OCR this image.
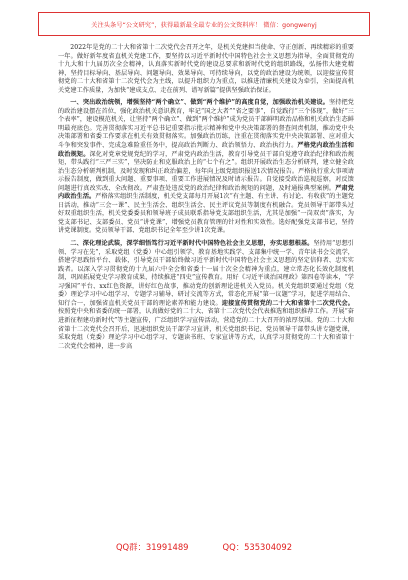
关注头条号“公文研究”，获得最新最全最专业的公文资料库！ 微信：gongwenyj

2022年是党的二十大和省第十二次党代会召开之年，是机关党建担当使命、守正创新、再续精彩的重要一年。做好新年度省直机关党建工作，要坚持以习近平新时代中国特色社会主义思想为指导，全面贯彻党的十九大和十九届历次全会精神，认真落实新时代党的建设总要求和新时代党的组织路线，弘扬伟大建党精神，坚持目标导向、基层导向、问题导向、效果导向、可持续导向，以党的政治建设为统领，以迎接宣传贯彻党的二十大和省第十二次党代会为主线，以提升组织力为重点，以推进清廉机关建设为牵引，全面提高机关党建工作质量，为加快“建成支点、走在前列、谱写新篇”提供坚强政治保证。

一、突出政治统领，增强坚持“两个确立”、做到“两个维护”的高度自觉，加强政治机关建设。坚持把党的政治建设摆在首位，强化政治机关意识教育，牢记“国之大者”“省之要事”，自觉践行“三个体现”，做好“三个表率”，建设模范机关，让坚持“两个确立”、做到“两个维护”成为党员干部鲜明政治品格和机关政治生态鲜明最亮底色。完善贯彻落实习近平总书记重要指示批示精神和党中央决策部署的督查问责机制，推动党中央决策部署和省委工作要求在机关有效贯彻落实。加强政治历练，注重在贯彻落实党中央决策部署、应对重大斗争和突发事件、完成急难险重任务中，提高政治判断力、政治领悟力、政治执行力。严格党内政治生活和政治规矩。深化对党章党规党纪的学习，严肃党内政治生活，教育引导党员干部自觉遵守政治纪律和政治规矩，带头践行“三严三实”，坚决防止和克服政治上的“七个有之”。组织开展政治生态分析研判，建立健全政治生态分析研判机制，及时发现和纠正政治偏差，每年向上级党组织报送1次情况报告。严格执行重大事项请示报告制度，做到重大问题、重要事项、重要工作进展情况及时请示报告。自觉接受政治巡视巡察，对反馈问题进行真改实改、全改彻改。严肃查处违反党的政治纪律和政治规矩的问题，及时通报典型案例。严肃党内政治生活。严格落实组织生活制度，机关党支部每月开展1次“有主题、有主讲、有讨论、有收获”的主题党日活动，推动“三会一课”、民主生活会、组织生活会、民主评议党员等制度有机融合。党员领导干部带头过好双重组织生活，机关党委委员和领导班子成员联系指导党支部组织生活，尤其是加强“一岗双责”落实，为党支部书记、支部委员、党员“讲党课”，增强党员教育管理的针对性和实效性。选好配强党支部书记，坚持讲党课制度。党员领导干部、党组织书记全年至少讲1次党课。

二、深化理论武装，深学细悟笃行习近平新时代中国特色社会主义思想，夯实思想根基。坚持用“思想引领、学习在先”，采取党组（党委）中心组引领学、教育基地实践学、支部集中统一学、青年读书会交流学，搭建学思践悟平台、载体，引导党员干部始终做习近平新时代中国特色社会主义思想的坚定信仰者、忠实实践者。以深入学习贯彻党的十九届六中全会和省委十一届十次全会精神为重点，建立常态化长效化制度机制，巩固拓展党史学习教育成果，持续推进“四史”宣传教育。用好《习近平谈治国理政》第四卷等读本，“学习强国”平台、xx红色资源，讲好红色故事，推动党的创新理论进机关入党员。机关党组织要通过党组（党委）理论学习中心组学习、专题学习辅导、研讨交流等方式，常态化开展“第一议题”学习，促进学用结合、知行合一，加强省直机关党员干部的理论素养和能力建设。迎接宣传贯彻党的二十大和省第十二次党代会。按照党中央和省委的统一部署，认真做好党的二十大、省第十二次党代会代表推选和组织推荐工作。开展“奋进新征程建功新时代”等主题宣传，广泛组织学习宣传活动，营造党的二十大召开的浓厚氛围。党的二十大和省第十二次党代会召开后，迅速组织党员干部学习宣讲，机关党组织书记、党员领导干部带头讲专题党课，采取党组（党委）理论学习中心组学习、专题读书班、专家宣讲等方式，认真学习贯彻党的二十大和省第十二次党代会精神，进一步高

QQ群：31991489	QQ：535304092
